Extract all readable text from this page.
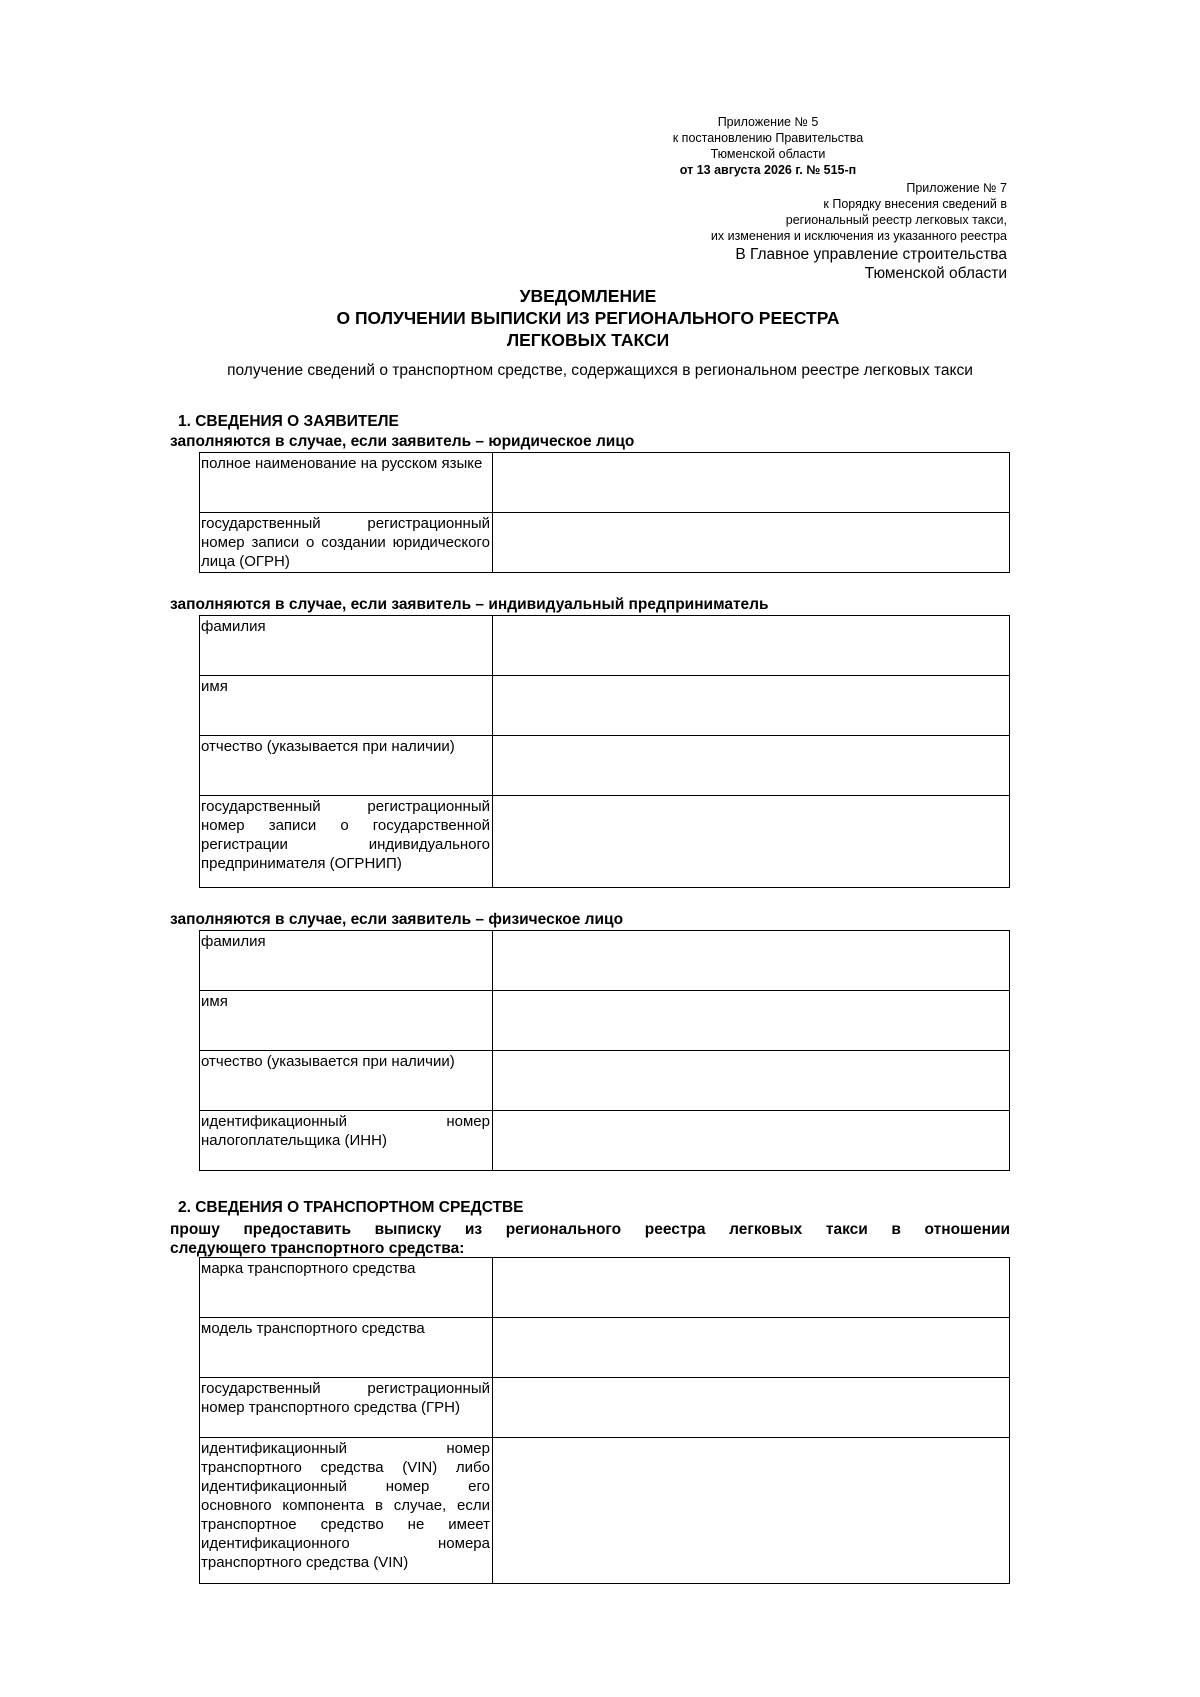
Приложение № 5
к постановлению Правительства
Тюменской области
от 13 августа 2026 г. № 515-п
Приложение № 7
к Порядку внесения сведений в
региональный реестр легковых такси,
их изменения и исключения из указанного реестра
В Главное управление строительства
Тюменской области
УВЕДОМЛЕНИЕ
О ПОЛУЧЕНИИ ВЫПИСКИ ИЗ РЕГИОНАЛЬНОГО РЕЕСТРА
ЛЕГКОВЫХ ТАКСИ
получение сведений о транспортном средстве, содержащихся в региональном реестре легковых такси
1. СВЕДЕНИЯ О ЗАЯВИТЕЛЕ
заполняются в случае, если заявитель – юридическое лицо
полное наименование на русском языке	
государственный регистрационный номер записи о создании юридического лица (ОГРН)	
заполняются в случае, если заявитель – индивидуальный предприниматель
фамилия	
имя	
отчество (указывается при наличии)	
государственный регистрационный номер записи о государственной регистрации индивидуального предпринимателя (ОГРНИП)	
заполняются в случае, если заявитель – физическое лицо
фамилия	
имя	
отчество (указывается при наличии)	
идентификационный номер налогоплательщика (ИНН)	
2. СВЕДЕНИЯ О ТРАНСПОРТНОМ СРЕДСТВЕ
прошу предоставить выписку из регионального реестра легковых такси в отношении
следующего транспортного средства:
марка транспортного средства	
модель транспортного средства	
государственный регистрационный номер транспортного средства (ГРН)	
идентификационный номер транспортного средства (VIN) либо идентификационный номер его основного компонента в случае, если транспортное средство не имеет идентификационного номера транспортного средства (VIN)	
